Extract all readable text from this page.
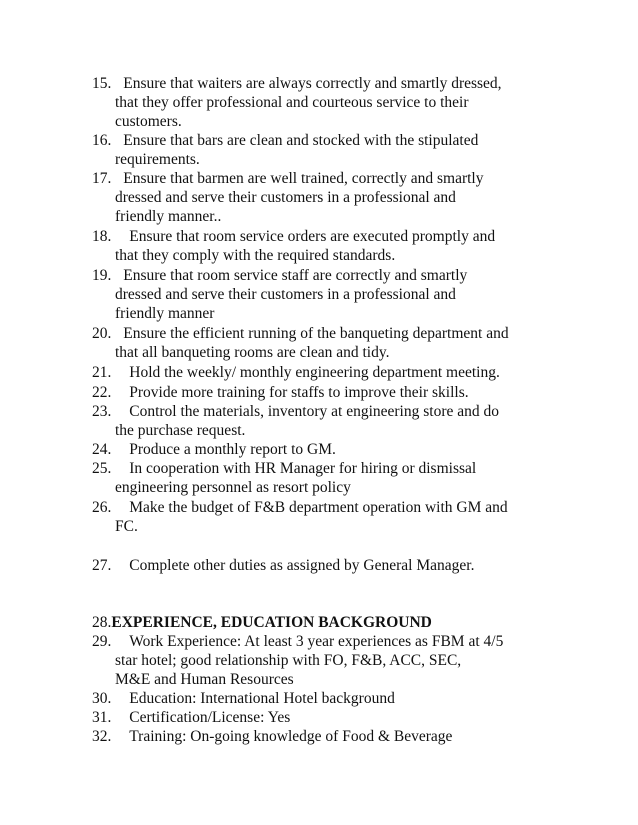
15. Ensure that waiters are always correctly and smartly dressed,
that they offer professional and courteous service to their
customers.
16. Ensure that bars are clean and stocked with the stipulated
requirements.
17. Ensure that barmen are well trained, correctly and smartly
dressed and serve their customers in a professional and
friendly manner..
18. Ensure that room service orders are executed promptly and
that they comply with the required standards.
19. Ensure that room service staff are correctly and smartly
dressed and serve their customers in a professional and
friendly manner
20. Ensure the efficient running of the banqueting department and
that all banqueting rooms are clean and tidy.
21. Hold the weekly/ monthly engineering department meeting.
22. Provide more training for staffs to improve their skills.
23. Control the materials, inventory at engineering store and do
the purchase request.
24. Produce a monthly report to GM.
25. In cooperation with HR Manager for hiring or dismissal
engineering personnel as resort policy
26. Make the budget of F&B department operation with GM and
FC.
27. Complete other duties as assigned by General Manager.
28.EXPERIENCE, EDUCATION BACKGROUND
29. Work Experience: At least 3 year experiences as FBM at 4/5
star hotel; good relationship with FO, F&B, ACC, SEC,
M&E and Human Resources
30. Education: International Hotel background
31. Certification/License: Yes
32. Training: On-going knowledge of Food & Beverage
